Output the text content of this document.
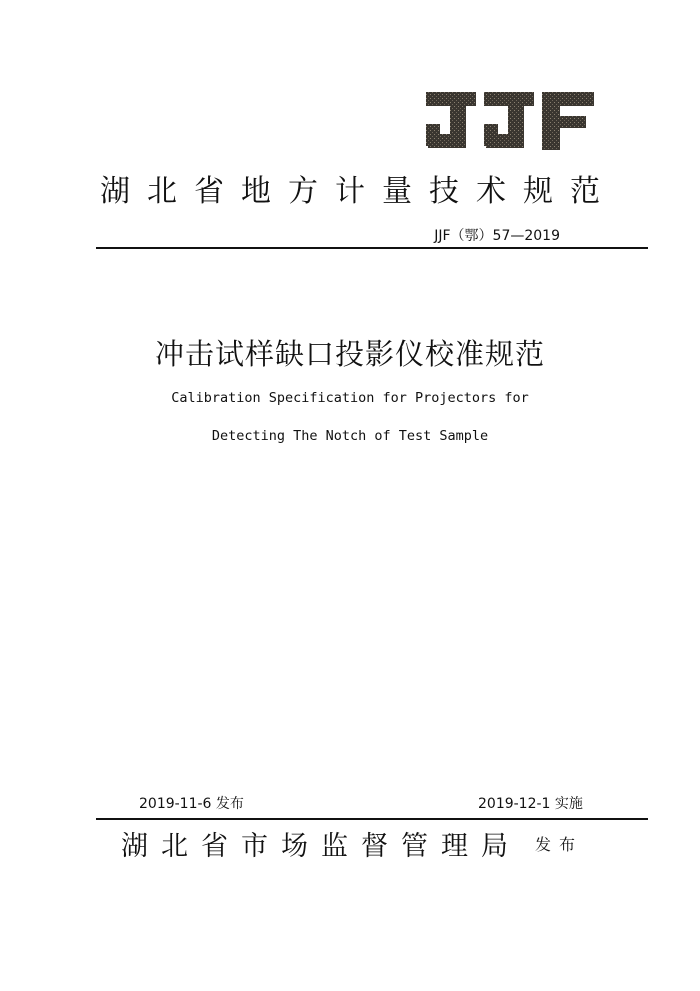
湖北省地方计量技术规范
JJF（鄂）57—2019
冲击试样缺口投影仪校准规范
Calibration Specification for Projectors for
Detecting The Notch of Test Sample
2019-11-6 发布	2019-12-1 实施
湖北省市场监督管理局 发布
